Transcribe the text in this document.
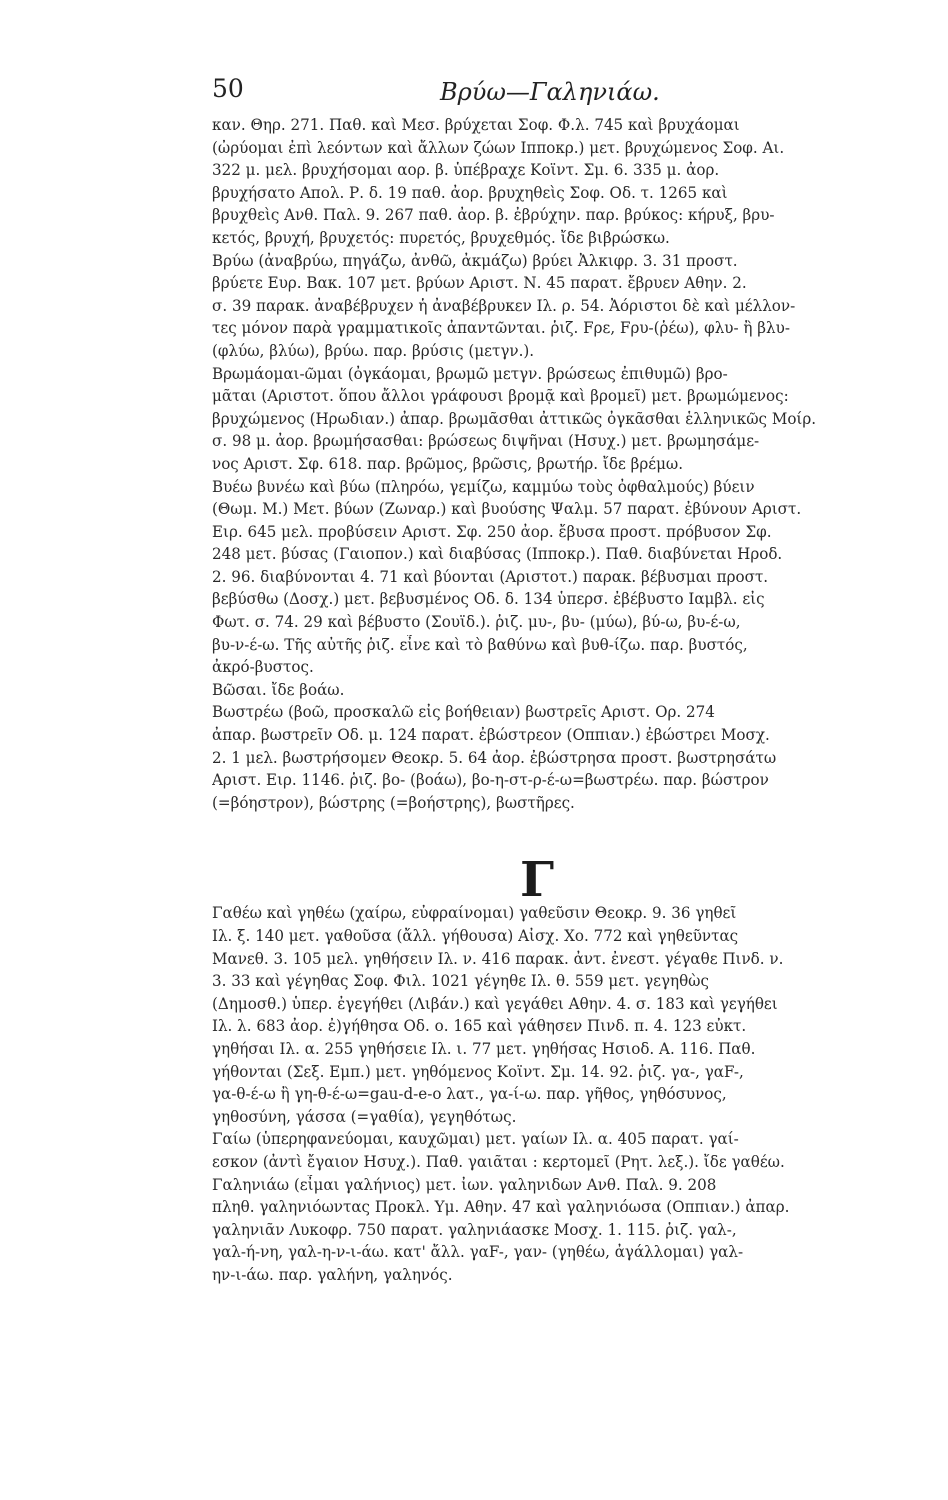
50	Βρύω—Γαληνιάω.
καν. Θηρ. 271. Παθ. καὶ Μεσ. βρύχεται Σοφ. Φ.λ. 745 καὶ βρυχάομαι
(ὠρύομαι ἐπὶ λεόντων καὶ ἄλλων ζώων Ιπποκρ.) μετ. βρυχώμενος Σοφ. Αι.
322 μ. μελ. βρυχήσομαι αορ. β. ὑπέβραχε Κοϊντ. Σμ. 6. 335 μ. ἀορ.
βρυχήσατο Απολ. Ρ. δ. 19 παθ. ἀορ. βρυχηθεὶς Σοφ. Οδ. τ. 1265 καὶ
βρυχθεὶς Ανθ. Παλ. 9. 267 παθ. ἀορ. β. ἐβρύχην. παρ. βρύκος: κήρυξ, βρυ-
κετός, βρυχή, βρυχετός: πυρετός, βρυχεθμός. ἴδε βιβρώσκω.
Βρύω (ἀναβρύω, πηγάζω, ἀνθῶ, ἀκμάζω) βρύει Ἀλκιφρ. 3. 31 προστ.
βρύετε Ευρ. Βακ. 107 μετ. βρύων Αριστ. Ν. 45 παρατ. ἔβρυεν Αθην. 2.
σ. 39 παρακ. ἀναβέβρυχεν ἡ ἀναβέβρυκεν Ιλ. ρ. 54. Ἀόριστοι δὲ καὶ μέλλον-
τες μόνον παρὰ γραμματικοῖς ἀπαντῶνται. ῥιζ. Fρε, Fρυ-(ῥέω), φλυ- ἢ βλυ-
(φλύω, βλύω), βρύω. παρ. βρύσις (μετγν.).
Βρωμάομαι-ῶμαι (ὀγκάομαι, βρωμῶ μετγν. βρώσεως ἐπιθυμῶ) βρο-
μᾶται (Αριστοτ. ὅπου ἄλλοι γράφουσι βρομᾷ καὶ βρομεῖ) μετ. βρωμώμενος:
βρυχώμενος (Ηρωδιαν.) ἀπαρ. βρωμᾶσθαι ἀττικῶς ὀγκᾶσθαι ἑλληνικῶς Μοίρ.
σ. 98 μ. ἀορ. βρωμήσασθαι: βρώσεως διψῆναι (Ησυχ.) μετ. βρωμησάμε-
νος Αριστ. Σφ. 618. παρ. βρῶμος, βρῶσις, βρωτήρ. ἴδε βρέμω.
Βυέω βυνέω καὶ βύω (πληρόω, γεμίζω, καμμύω τοὺς ὀφθαλμούς) βύειν
(Θωμ. Μ.) Μετ. βύων (Ζωναρ.) καὶ βυούσης Ψαλμ. 57 παρατ. ἐβύνουν Αριστ.
Ειρ. 645 μελ. προβύσειν Αριστ. Σφ. 250 ἀορ. ἔβυσα προστ. πρόβυσον Σφ.
248 μετ. βύσας (Γαιοπον.) καὶ διαβύσας (Ιπποκρ.). Παθ. διαβύνεται Ηροδ.
2. 96. διαβύνονται 4. 71 καὶ βύονται (Αριστοτ.) παρακ. βέβυσμαι προστ.
βεβύσθω (Δοσχ.) μετ. βεβυσμένος Οδ. δ. 134 ὑπερσ. ἐβέβυστο Ιαμβλ. εἰς
Φωτ. σ. 74. 29 καὶ βέβυστο (Σουϊδ.). ῥιζ. μυ-, βυ- (μύω), βύ-ω, βυ-έ-ω,
βυ-ν-έ-ω. Τῆς αὐτῆς ῥιζ. εἶνε καὶ τὸ βαθύνω καὶ βυθ-ίζω. παρ. βυστός,
ἀκρό-βυστος.
Βῶσαι. ἴδε βοάω.
Βωστρέω (βοῶ, προσκαλῶ εἰς βοήθειαν) βωστρεῖς Αριστ. Ορ. 274
ἀπαρ. βωστρεῖν Οδ. μ. 124 παρατ. ἐβώστρεον (Οππιαν.) ἐβώστρει Μοσχ.
2. 1 μελ. βωστρήσομεν Θεοκρ. 5. 64 ἀορ. ἐβώστρησα προστ. βωστρησάτω
Αριστ. Ειρ. 1146. ῥιζ. βο- (βοάω), βο-η-στ-ρ-έ-ω=βωστρέω. παρ. βώστρον
(=βόηστρον), βώστρης (=βοήστρης), βωστῆρες.
Γ
Γαθέω καὶ γηθέω (χαίρω, εὐφραίνομαι) γαθεῦσιν Θεοκρ. 9. 36 γηθεῖ
Ιλ. ξ. 140 μετ. γαθοῦσα (ἄλλ. γήθουσα) Αἰσχ. Χο. 772 καὶ γηθεῦντας
Μανεθ. 3. 105 μελ. γηθήσειν Ιλ. ν. 416 παρακ. ἀντ. ἐνεστ. γέγαθε Πινδ. ν.
3. 33 καὶ γέγηθας Σοφ. Φιλ. 1021 γέγηθε Ιλ. θ. 559 μετ. γεγηθὼς
(Δημοσθ.) ὑπερ. ἐγεγήθει (Λιβάν.) καὶ γεγάθει Αθην. 4. σ. 183 καὶ γεγήθει
Ιλ. λ. 683 ἀορ. ἐ)γήθησα Οδ. ο. 165 καὶ γάθησεν Πινδ. π. 4. 123 εὐκτ.
γηθήσαι Ιλ. α. 255 γηθήσειε Ιλ. ι. 77 μετ. γηθήσας Ησιοδ. Α. 116. Παθ.
γήθονται (Σεξ. Εμπ.) μετ. γηθόμενος Κοϊντ. Σμ. 14. 92. ῥιζ. γα-, γαF-,
γα-θ-έ-ω ἢ γη-θ-έ-ω=gau-d-e-o λατ., γα-ί-ω. παρ. γῆθος, γηθόσυνος,
γηθοσύνη, γάσσα (=γαθία), γεγηθότως.
Γαίω (ὑπερηφανεύομαι, καυχῶμαι) μετ. γαίων Ιλ. α. 405 παρατ. γαί-
εσκον (ἀντὶ ἔγαιον Ησυχ.). Παθ. γαιᾶται : κερτομεῖ (Ρητ. λεξ.). ἴδε γαθέω.
Γαληνιάω (εἶμαι γαλήνιος) μετ. ἰων. γαληνιδων Ανθ. Παλ. 9. 208
πληθ. γαληνιόωντας Προκλ. Υμ. Αθην. 47 καὶ γαληνιόωσα (Οππιαν.) ἀπαρ.
γαληνιᾶν Λυκοφρ. 750 παρατ. γαληνιάασκε Μοσχ. 1. 115. ῥιζ. γαλ-,
γαλ-ή-νη, γαλ-η-ν-ι-άω. κατ' ἄλλ. γαF-, γαν- (γηθέω, ἀγάλλομαι) γαλ-
ην-ι-άω. παρ. γαλήνη, γαληνός.
